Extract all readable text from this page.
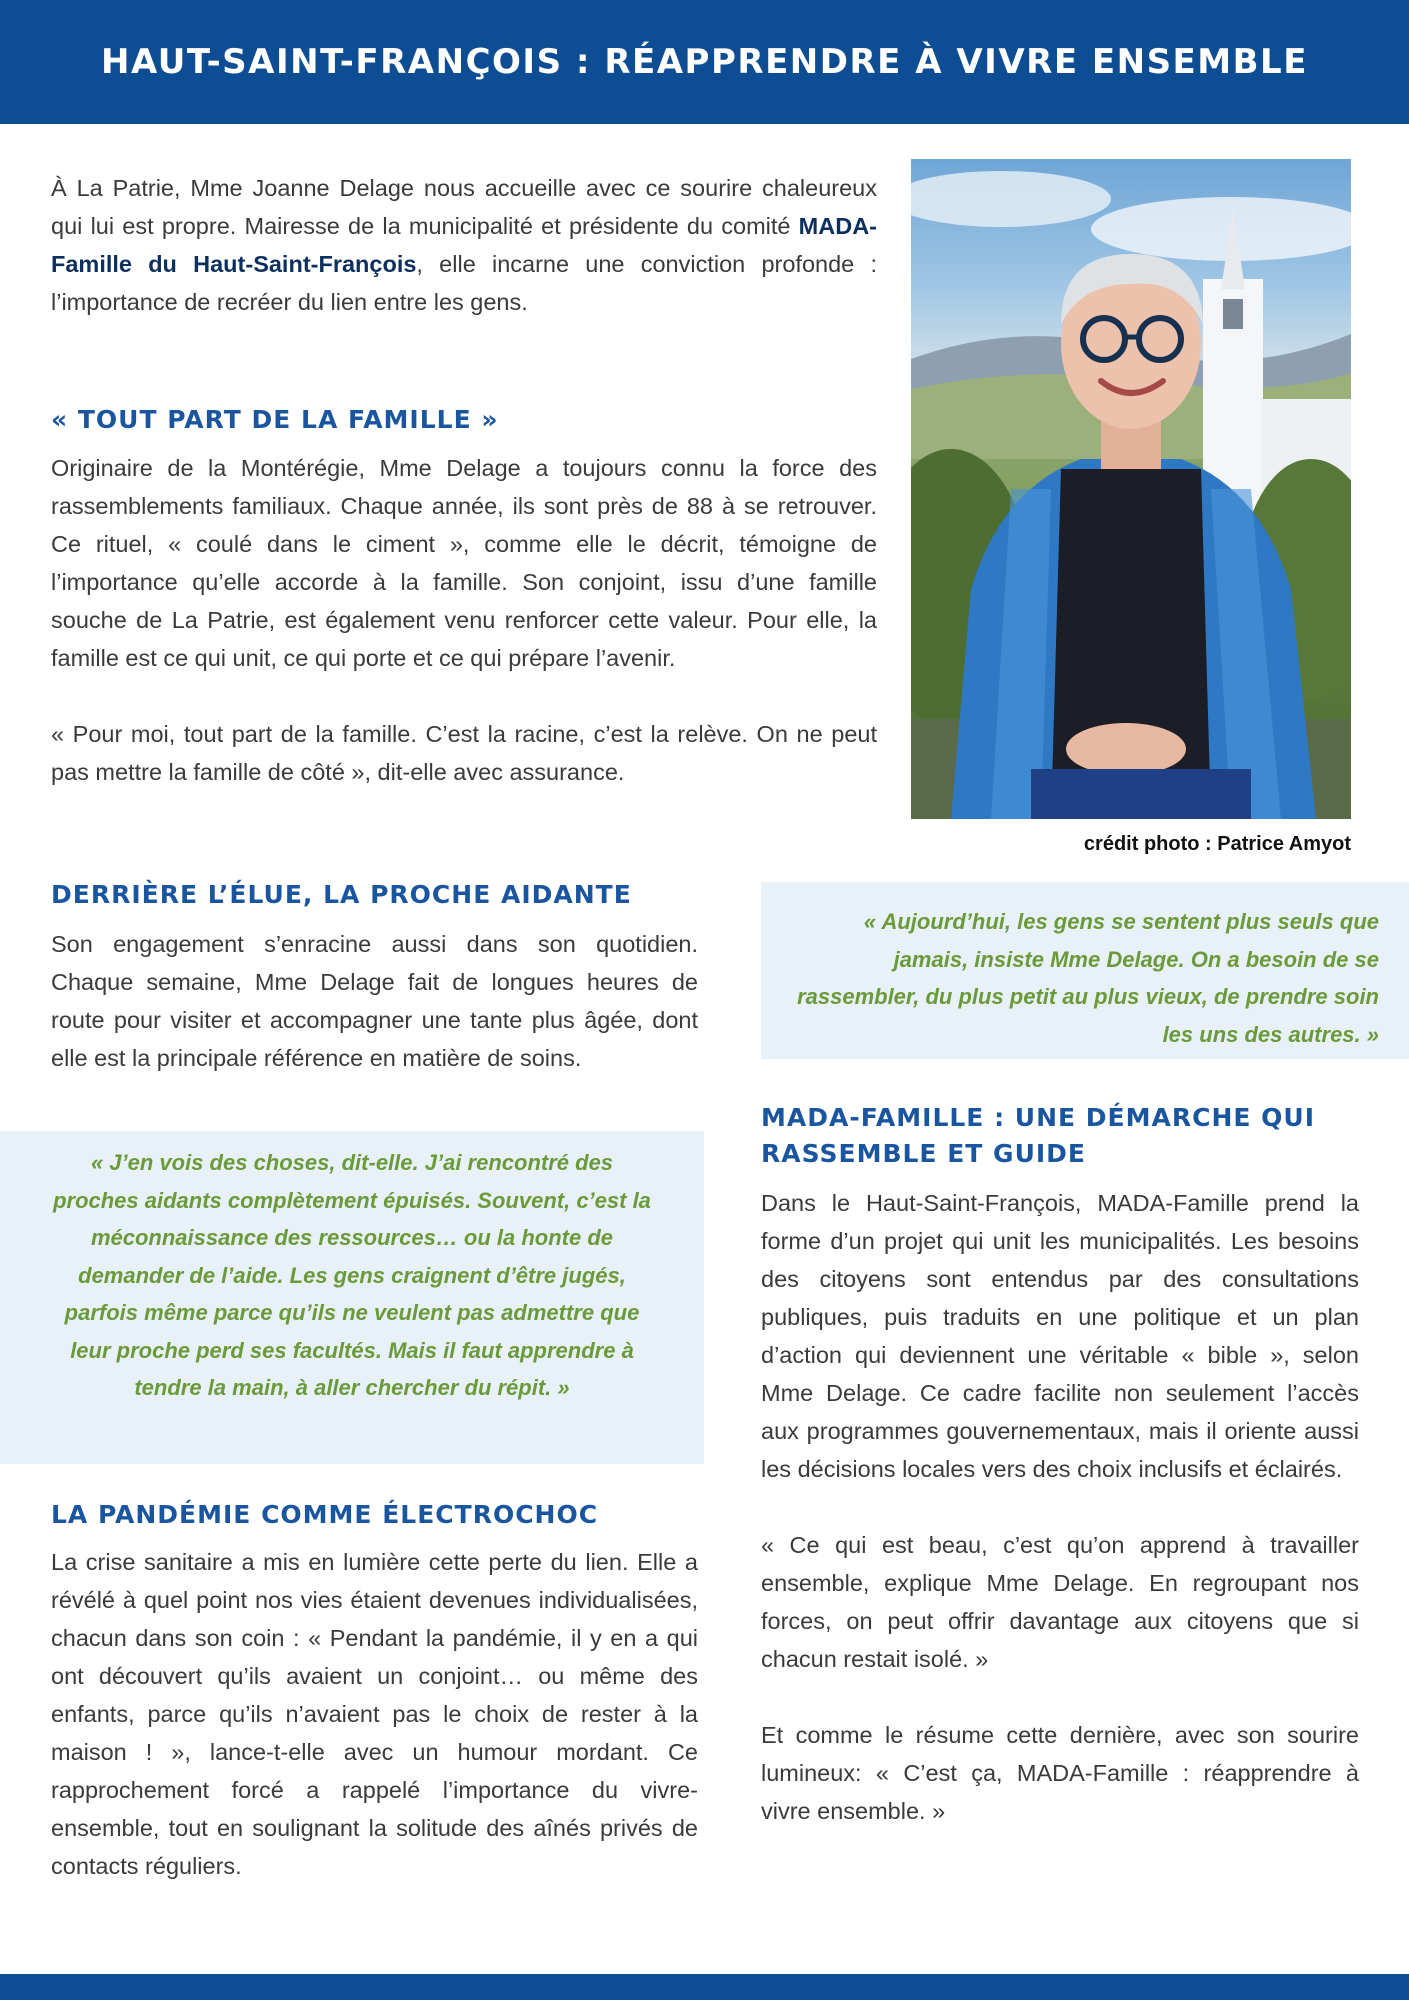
HAUT-SAINT-FRANÇOIS : RÉAPPRENDRE À VIVRE ENSEMBLE

À La Patrie, Mme Joanne Delage nous accueille avec ce sourire chaleureux qui lui est propre. Mairesse de la municipalité et présidente du comité MADA-Famille du Haut-Saint-François, elle incarne une conviction profonde : l’importance de recréer du lien entre les gens.

« TOUT PART DE LA FAMILLE »

Originaire de la Montérégie, Mme Delage a toujours connu la force des rassemblements familiaux. Chaque année, ils sont près de 88 à se retrouver. Ce rituel, « coulé dans le ciment », comme elle le décrit, témoigne de l’importance qu’elle accorde à la famille. Son conjoint, issu d’une famille souche de La Patrie, est également venu renforcer cette valeur. Pour elle, la famille est ce qui unit, ce qui porte et ce qui prépare l’avenir.

« Pour moi, tout part de la famille. C’est la racine, c’est la relève. On ne peut pas mettre la famille de côté », dit-elle avec assurance.

crédit photo : Patrice Amyot
DERRIÈRE L’ÉLUE, LA PROCHE AIDANTE

Son engagement s’enracine aussi dans son quotidien. Chaque semaine, Mme Delage fait de longues heures de route pour visiter et accompagner une tante plus âgée, dont elle est la principale référence en matière de soins.

« Aujourd’hui, les gens se sentent plus seuls que jamais, insiste Mme Delage. On a besoin de se rassembler, du plus petit au plus vieux, de prendre soin les uns des autres. »

« J’en vois des choses, dit-elle. J’ai rencontré des proches aidants complètement épuisés. Souvent, c’est la méconnaissance des ressources… ou la honte de demander de l’aide. Les gens craignent d’être jugés, parfois même parce qu’ils ne veulent pas admettre que leur proche perd ses facultés. Mais il faut apprendre à tendre la main, à aller chercher du répit. »

MADA-FAMILLE : UNE DÉMARCHE QUI RASSEMBLE ET GUIDE

Dans le Haut-Saint-François, MADA-Famille prend la forme d’un projet qui unit les municipalités. Les besoins des citoyens sont entendus par des consultations publiques, puis traduits en une politique et un plan d’action qui deviennent une véritable « bible », selon Mme Delage. Ce cadre facilite non seulement l’accès aux programmes gouvernementaux, mais il oriente aussi les décisions locales vers des choix inclusifs et éclairés.

« Ce qui est beau, c’est qu’on apprend à travailler ensemble, explique Mme Delage. En regroupant nos forces, on peut offrir davantage aux citoyens que si chacun restait isolé. »

Et comme le résume cette dernière, avec son sourire lumineux: « C’est ça, MADA-Famille : réapprendre à vivre ensemble. »

LA PANDÉMIE COMME ÉLECTROCHOC

La crise sanitaire a mis en lumière cette perte du lien. Elle a révélé à quel point nos vies étaient devenues individualisées, chacun dans son coin : « Pendant la pandémie, il y en a qui ont découvert qu’ils avaient un conjoint… ou même des enfants, parce qu’ils n’avaient pas le choix de rester à la maison ! », lance-t-elle avec un humour mordant. Ce rapprochement forcé a rappelé l’importance du vivre-ensemble, tout en soulignant la solitude des aînés privés de contacts réguliers.
